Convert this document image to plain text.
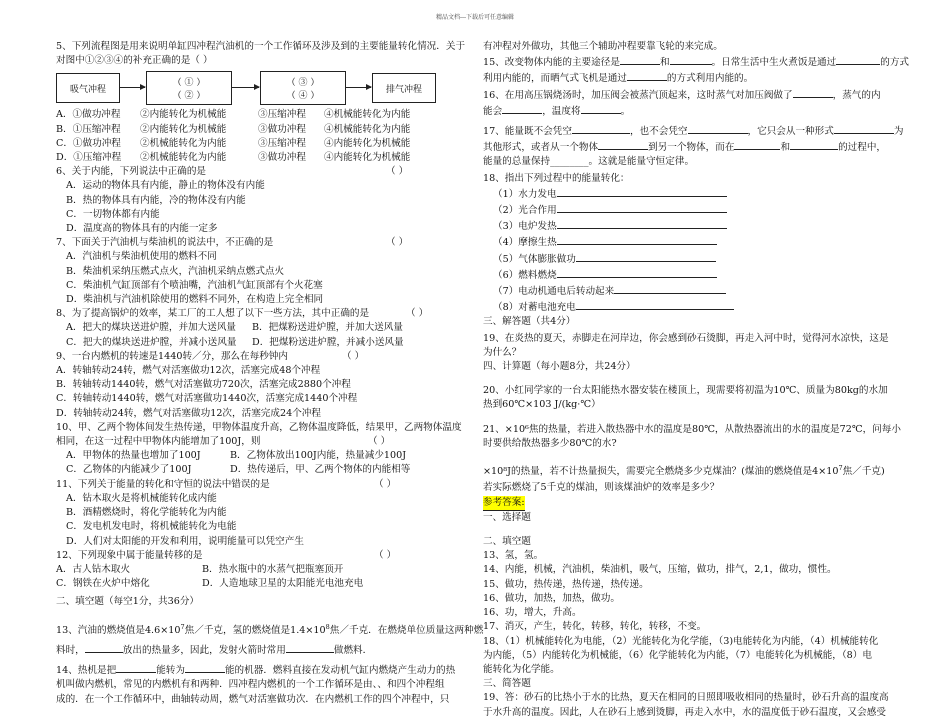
精品文档---下载后可任意编辑
5、下列流程图是用来说明单缸四冲程汽油机的一个工作循环及涉及到的主要能量转化情况．关于
对图中①②③④的补充正确的是（ ）
吸气冲程
（ ① ）
（ ② ）
（ ③ ）
（ ④ ）
排气冲程
A．①做功冲程	②内能转化为机械能	③压缩冲程	④机械能转化为内能
B．①压缩冲程	②内能转化为机械能	③做功冲程	④机械能转化为内能
C．①做功冲程	②机械能转化为内能	③压缩冲程	④内能转化为机械能
D．①压缩冲程	②机械能转化为内能	③做功冲程	④内能转化为机械能
6、关于内能，下列说法中正确的是	（ ）
A．运动的物体具有内能，静止的物体没有内能
B．热的物体具有内能，冷的物体没有内能
C．一切物体都有内能
D．温度高的物体具有的内能一定多
7、下面关于汽油机与柴油机的说法中，不正确的是	（ ）
A．汽油机与柴油机使用的燃料不同
B．柴油机采纳压燃式点火，汽油机采纳点燃式点火
C．柴油机气缸顶部有个喷油嘴，汽油机气缸顶部有个火花塞
D．柴油机与汽油机除使用的燃料不同外，在构造上完全相同
8、为了提高锅炉的效率，某工厂的工人想了以下一些方法，其中正确的是	（ ）
A．把大的煤块送进炉膛，并加大送风量 B．把煤粉送进炉膛，并加大送风量
C．把大的煤块送进炉膛，并减小送风量 D．把煤粉送进炉膛，并减小送风量
9、一台内燃机的转速是1440转／分，那么在每秒钟内	（ ）
A．转轴转动24转，燃气对活塞做功12次，活塞完成48个冲程
B．转轴转动1440转，燃气对活塞做功720次，活塞完成2880个冲程
C．转轴转动1440转，燃气对活塞做功1440次，活塞完成1440个冲程
D．转轴转动24转，燃气对活塞做功12次，活塞完成24个冲程
10、甲、乙两个物体间发生热传递，甲物体温度升高，乙物体温度降低，结果甲，乙两物体温度
相同，在这一过程中甲物体内能增加了100J，则	（ ）
A．甲物体的热量也增加了100J	B．乙物体放出100J内能，热量减少100J
C．乙物体的内能减少了100J	D．热传递后，甲、乙两个物体的内能相等
11、下列关于能量的转化和守恒的说法中错误的是	（ ）
A．钻木取火是将机械能转化成内能
B．酒精燃烧时，将化学能转化为内能
C．发电机发电时，将机械能转化为电能
D．人们对太阳能的开发和利用，说明能量可以凭空产生
12、下列现象中属于能量转移的是	（ ）
A．古人钻木取火	B．热水瓶中的水蒸气把瓶塞顶开
C．钢铁在火炉中熔化	D．人造地球卫星的太阳能光电池充电
二、填空题（每空1分，共36分）
13、汽油的燃烧值是$4.6\times 10^7$焦／千克，氢的燃烧值是$1.4\times 10^8$焦／千克．在燃烧单位质量这两种燃
料时，	放出的热量多，因此，发射火箭时常用	做燃料．
14、热机是把	能转为	能的机器．燃料直接在发动机气缸内燃烧产生动力的热
机叫做内燃机，常见的内燃机有和两种．四冲程内燃机的一个工作循环是由、、和四个冲程组
成的．在一个工作循环中，曲轴转动周，燃气对活塞做功次．在内燃机工作的四个冲程中，只
有冲程对外做功，其他三个辅助冲程要靠飞轮的来完成。
15、改变物体内能的主要途径是	和	。日常生活中生火煮饭是通过	的方式
利用内能的，而晒气式飞机是通过	的方式利用内能的。
16、在用高压锅烧汤时，加压阀会被蒸汽顶起来，这时蒸气对加压阀做了	，蒸气的内
能会	，温度将	。
17、能量既不会凭空	，也不会凭空	，它只会从一种形式	为
其他形式，或者从一个物体	到另一个物体，而在	和	的过程中，
能量的总量保持________。这就是能量守恒定律。
18、指出下列过程中的能量转化：
（1）水力发电
（2）光合作用
（3）电炉发热
（4）摩擦生热
（5）气体膨胀做功
（6）燃料燃烧
（7）电动机通电后转动起来
（8）对蓄电池充电
三、解答题（共4分）
19、在炎热的夏天，赤脚走在河岸边，你会感到砂石烫脚，再走入河中时，觉得河水凉快，这是
为什么？
四、计算题（每小题8分，共24分）
20、小红同学家的一台太阳能热水器安装在楼顶上，现需要将初温为10℃、质量为80kg的水加
热到60℃×103 J/(kg·℃）
21、×10⁶焦的热量，若进入散热器中水的温度是80℃，从散热器流出的水的温度是72℃，问每小
时要供给散热器多少80℃的水?
×10⁸J的热量，若不计热量损失，需要完全燃烧多少克煤油？(煤油的燃烧值是$4\times 10^7$焦／千克)
若实际燃烧了5千克的煤油，则该煤油炉的效率是多少？
参考答案:
一、选择题
二、填空题
13、氢，氢。
14、内能，机械，汽油机，柴油机，吸气，压缩，做功，排气，2,1，做功，惯性。
15、做功，热传递，热传递，热传递。
16、做功，加热，加热，做功。
16、功，增大，升高。
17、消灭，产生，转化，转移，转化，转移，不变。
18、（1）机械能转化为电能，（2）光能转化为化学能，（3)电能转化为内能，（4）机械能转化
为内能，（5）内能转化为机械能，（6）化学能转化为内能，（7）电能转化为机械能，（8）电
能转化为化学能。
三、简答题
19、答：砂石的比热小于水的比热，夏天在相同的日照即吸收相同的热量时，砂石升高的温度高
于水升高的温度。因此，人在砂石上感到烫脚，再走入水中，水的温度低于砂石温度，又会感受
